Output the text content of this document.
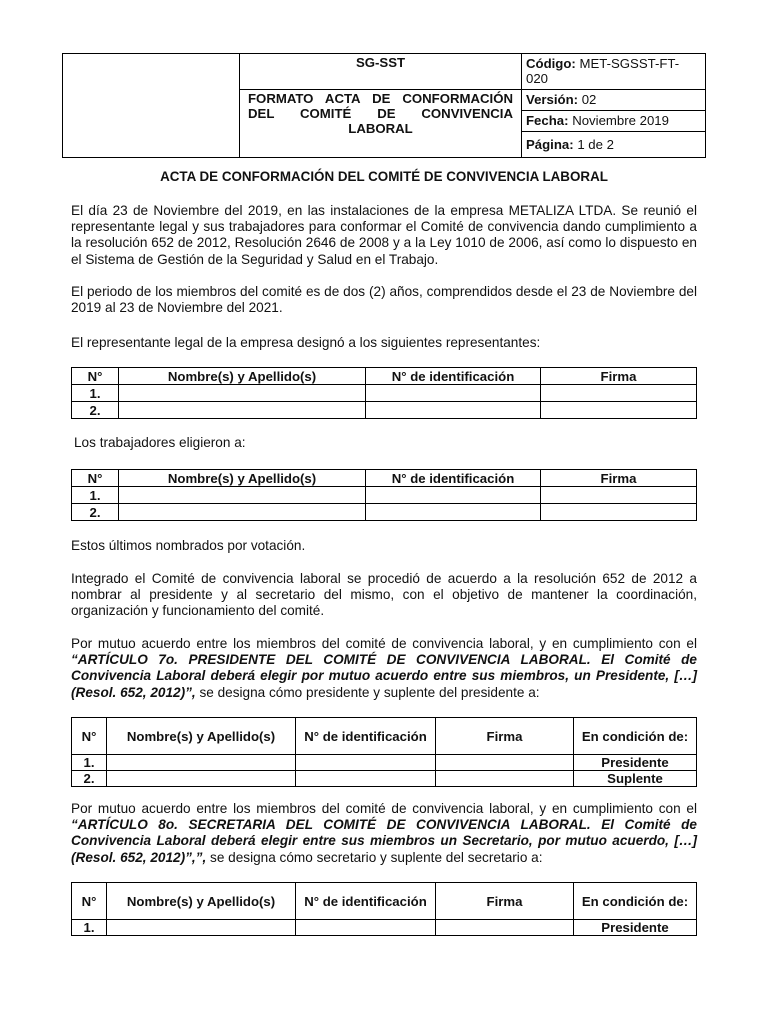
	SG-SST	Código: MET-SGSST-FT-020

	FORMATO ACTA DE CONFORMACIÓN DEL COMITÉ DE CONVIVENCIA LABORAL	Versión: 02
		Fecha: Noviembre 2019
		Página: 1 de 2
ACTA DE CONFORMACIÓN DEL COMITÉ DE CONVIVENCIA LABORAL
El día 23 de Noviembre del 2019, en las instalaciones de la empresa METALIZA LTDA. Se reunió el representante legal y sus trabajadores para conformar el Comité de convivencia dando cumplimiento a la resolución 652 de 2012, Resolución 2646 de 2008 y a la Ley 1010 de 2006, así como lo dispuesto en el Sistema de Gestión de la Seguridad y Salud en el Trabajo.
El periodo de los miembros del comité es de dos (2) años, comprendidos desde el 23 de Noviembre del 2019 al 23 de Noviembre del 2021.
El representante legal de la empresa designó a los siguientes representantes:
N°	Nombre(s) y Apellido(s)	N° de identificación	Firma
1.			
2.			
Los trabajadores eligieron a:
N°	Nombre(s) y Apellido(s)	N° de identificación	Firma
1.			
2.			
Estos últimos nombrados por votación.
Integrado el Comité de convivencia laboral se procedió de acuerdo a la resolución 652 de 2012 a nombrar al presidente y al secretario del mismo, con el objetivo de mantener la coordinación, organización y funcionamiento del comité.
Por mutuo acuerdo entre los miembros del comité de convivencia laboral, y en cumplimiento con el “ARTÍCULO 7o. PRESIDENTE DEL COMITÉ DE CONVIVENCIA LABORAL. El Comité de Convivencia Laboral deberá elegir por mutuo acuerdo entre sus miembros, un Presidente, […] (Resol. 652, 2012)”, se designa cómo presidente y suplente del presidente a:
N°	Nombre(s) y Apellido(s)	N° de identificación	Firma	En condición de:
1.				Presidente
2.				Suplente
Por mutuo acuerdo entre los miembros del comité de convivencia laboral, y en cumplimiento con el “ARTÍCULO 8o. SECRETARIA DEL COMITÉ DE CONVIVENCIA LABORAL. El Comité de Convivencia Laboral deberá elegir entre sus miembros un Secretario, por mutuo acuerdo, […] (Resol. 652, 2012)”,”, se designa cómo secretario y suplente del secretario a:
N°	Nombre(s) y Apellido(s)	N° de identificación	Firma	En condición de:
1.				Presidente
